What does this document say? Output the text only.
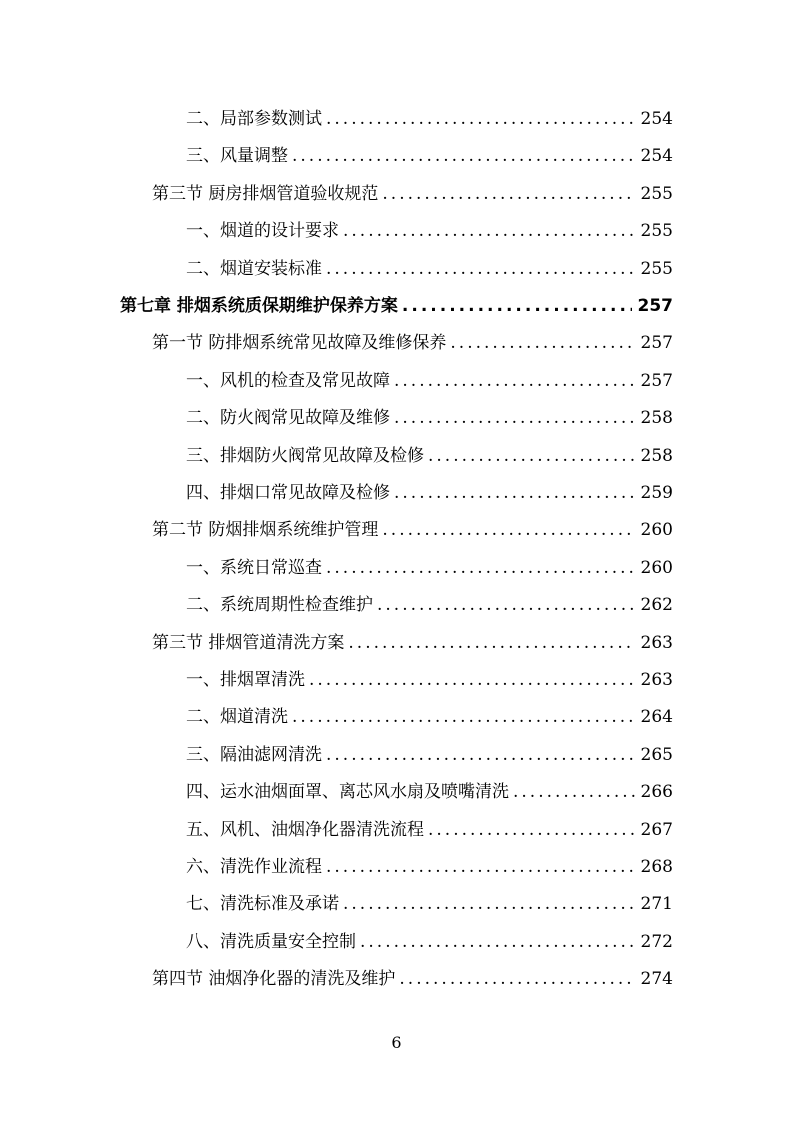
二、局部参数测试 .....	254
三、风量调整 .....	254
第三节 厨房排烟管道验收规范 .....	255
一、烟道的设计要求 .....	255
二、烟道安装标准 .....	255
第七章 排烟系统质保期维护保养方案 .....	257
第一节 防排烟系统常见故障及维修保养 .....	257
一、风机的检查及常见故障 .....	257
二、防火阀常见故障及维修 .....	258
三、排烟防火阀常见故障及检修 .....	258
四、排烟口常见故障及检修 .....	259
第二节 防烟排烟系统维护管理 .....	260
一、系统日常巡查 .....	260
二、系统周期性检查维护 .....	262
第三节 排烟管道清洗方案 .....	263
一、排烟罩清洗 .....	263
二、烟道清洗 .....	264
三、隔油滤网清洗 .....	265
四、运水油烟面罩、离芯风水扇及喷嘴清洗 .....	266
五、风机、油烟净化器清洗流程 .....	267
六、清洗作业流程 .....	268
七、清洗标准及承诺 .....	271
八、清洗质量安全控制 .....	272
第四节 油烟净化器的清洗及维护 .....	274
6
